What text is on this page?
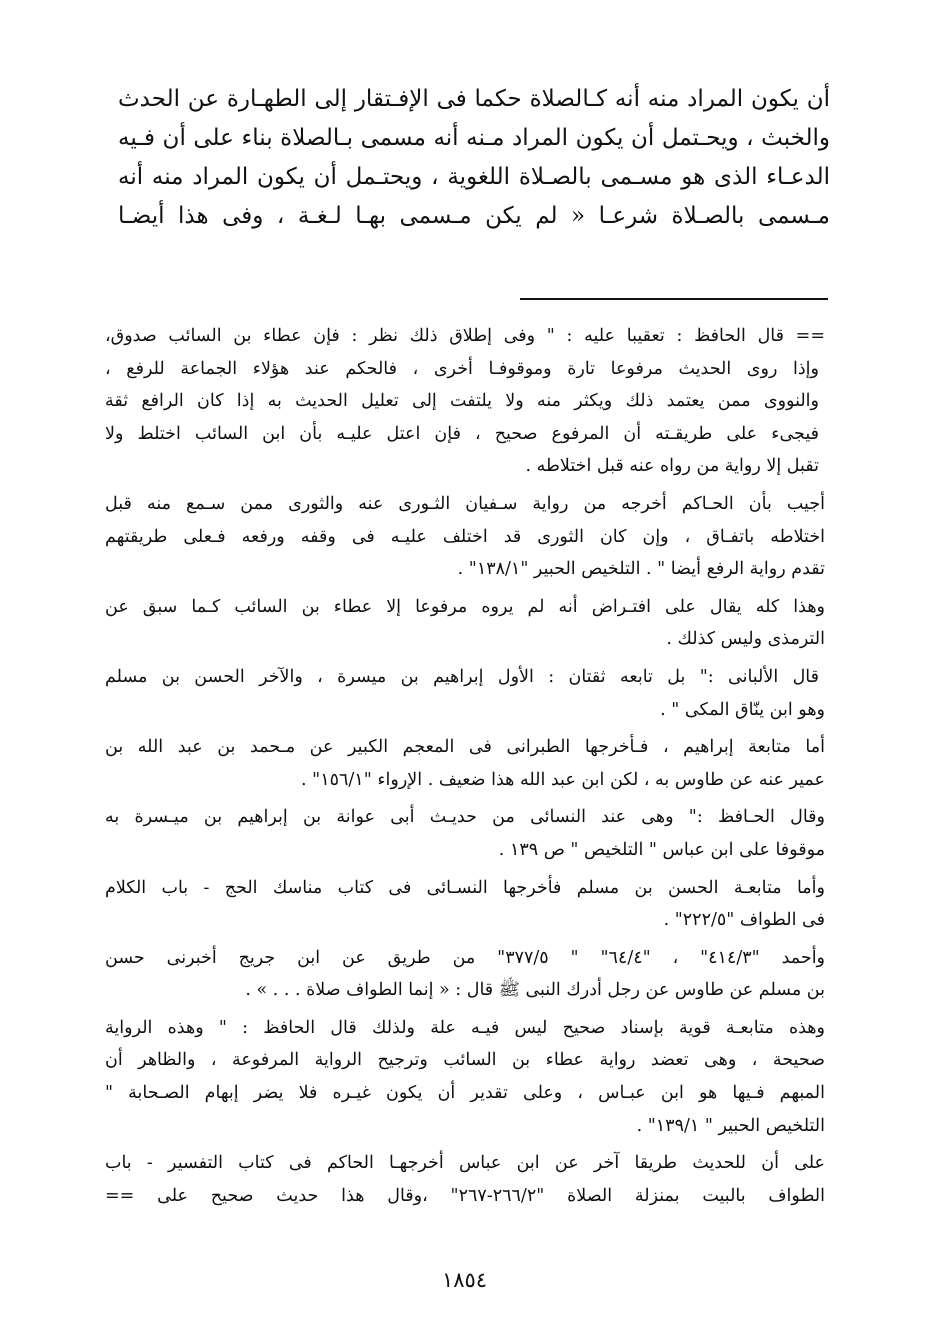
أن يكون المراد منه أنه كـالصلاة حكما فى الإفـتقار إلى الطهـارة عن الحدث
والخبث ، ويحـتمل أن يكون المراد مـنه أنه مسمى بـالصلاة بناء على أن فـيه
الدعـاء الذى هو مسـمى بالصـلاة اللغوية ، ويحتـمل أن يكون المراد منه أنه
مـسمى بالصـلاة شرعـا « لم يكن مـسمى بهـا لـغـة ، وفى هذا أيضـا
== قال الحافظ : تعقيبا عليه : " وفى إطلاق ذلك نظر : فإن عطاء بن السائب صدوق،
وإذا روى الحديث مرفوعا تارة وموقوفـا أخرى ، فالحكم عند هؤلاء الجماعة للرفع ،
والنووى ممن يعتمد ذلك ويكثر منه ولا يلتفت إلى تعليل الحديث به إذا كان الرافع ثقة
فيجىء على طريقـته أن المرفوع صحيح ، فإن اعتل عليـه بأن ابن السائب اختلط ولا
تقبل إلا رواية من رواه عنه قبل اختلاطه .
أجيب بأن الحـاكم أخرجه من رواية سـفيان الثـورى عنه والثورى ممن سـمع منه قبل
اختلاطه باتفـاق ، وإن كان الثورى قد اختلف عليـه فى وقفه ورفعه فـعلى طريقتهم
تقدم رواية الرفع أيضا " . التلخيص الحبير "١٣٨/١" .
وهذا كله يقال على افتـراض أنه لم يروه مرفوعا إلا عطاء بن السائب كـما سبق عن
الترمذى وليس كذلك .
قال الألبانى :" بل تابعه ثقتان : الأول إبراهيم بن ميسرة ، والآخر الحسن بن مسلم
وهو ابن ينّاق المكى " .
أما متابعة إبراهيم ، فـأخرجها الطبرانى فى المعجم الكبير عن مـحمد بن عبد الله بن
عمير عنه عن طاوس به ، لكن ابن عبد الله هذا ضعيف . الإرواء "١٥٦/١" .
وقال الحـافظ :" وهى عند النسائى من حديـث أبى عوانة بن إبراهيم بن ميـسرة به
موقوفا على ابن عباس " التلخيص " ص ١٣٩ .
وأما متابعـة الحسن بن مسلم فأخرجها النسـائى فى كتاب مناسك الحج - باب الكلام
فى الطواف "٢٢٢/٥" .
وأحمد "٤١٤/٣" ، "٦٤/٤" " ٣٧٧/٥" من طريق عن ابن جريج أخبرنى حسن
بن مسلم عن طاوس عن رجل أدرك النبى ﷺ قال : « إنما الطواف صلاة . . . » .
وهذه متابعـة قوية بإسناد صحيح ليس فيـه علة ولذلك قال الحافظ : " وهذه الرواية
صحيحة ، وهى تعضد رواية عطاء بن السائب وترجيح الرواية المرفوعة ، والظاهر أن
المبهم فـيها هو ابن عبـاس ، وعلى تقدير أن يكون غيـره فلا يضر إبهام الصـحابة "
التلخيص الحبير " ١٣٩/١" .
على أن للحديث طريقا آخر عن ابن عباس أخرجهـا الحاكم فى كتاب التفسير - باب
الطواف بالبيت بمنزلة الصلاة "٢٦٦/٢-٢٦٧" ،وقال هذا حديث صحيح على ==
١٨٥٤
